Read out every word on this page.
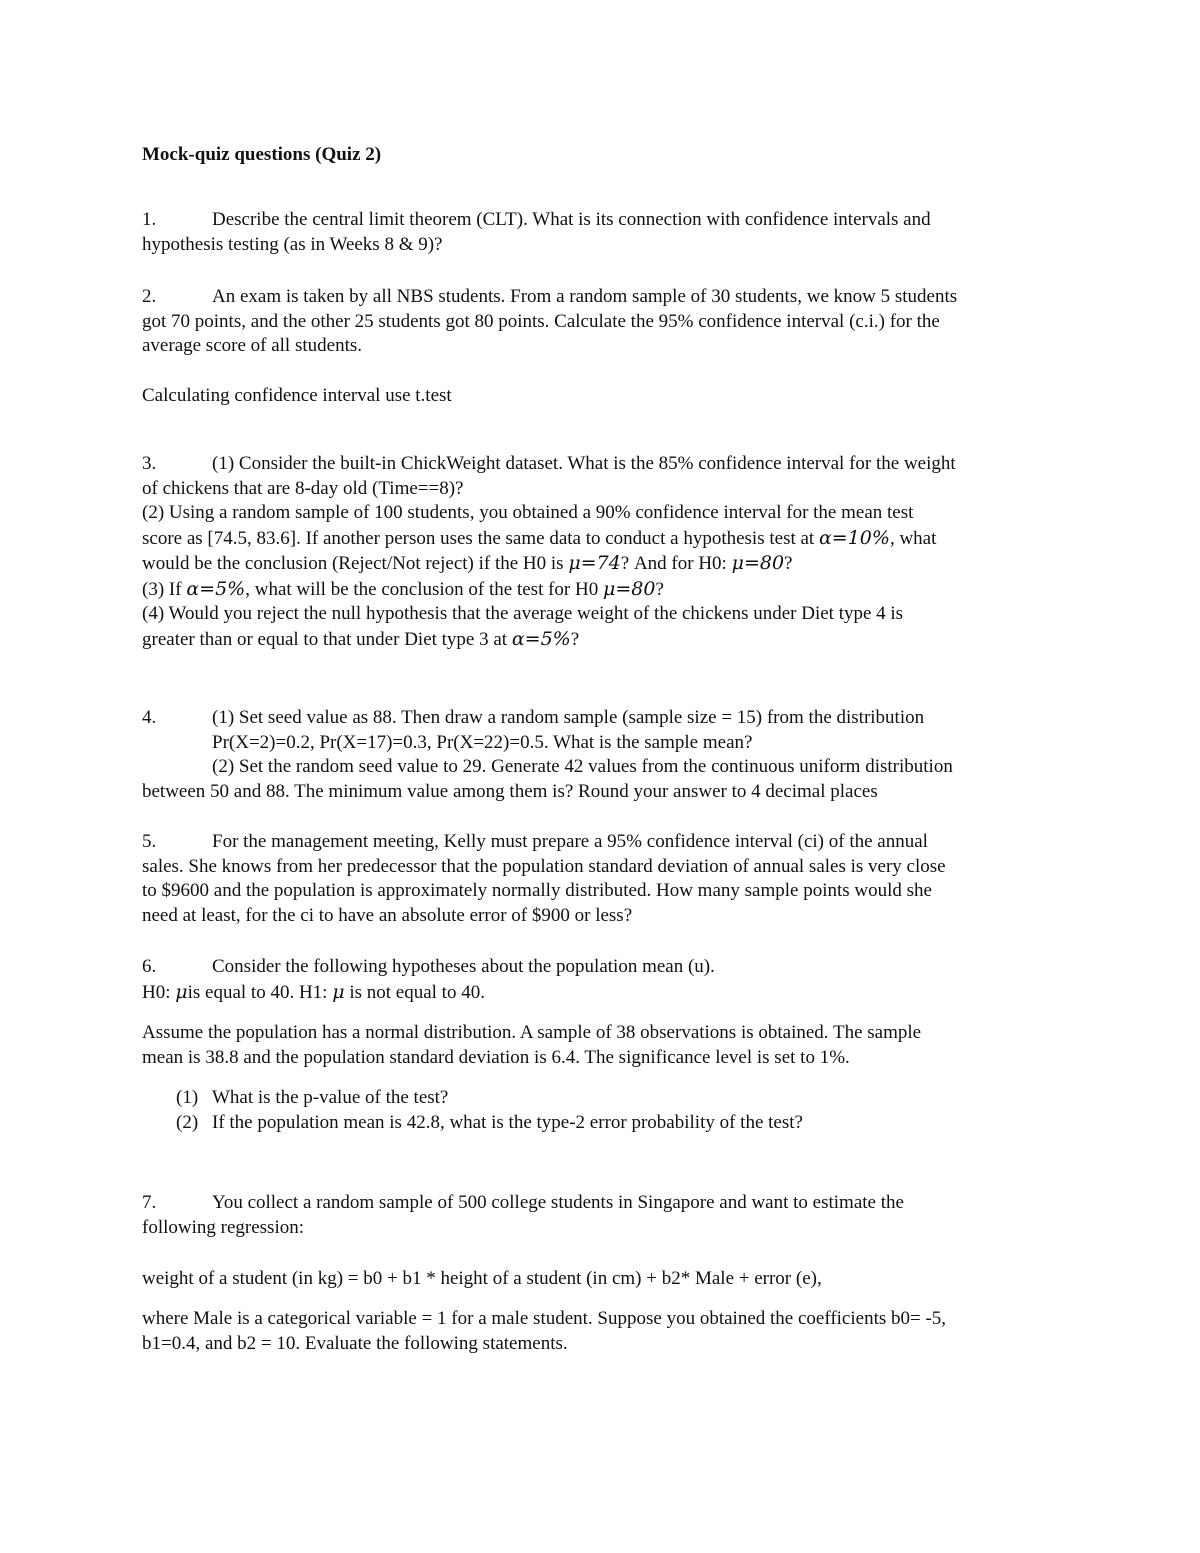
Mock-quiz questions (Quiz 2)
1.	Describe the central limit theorem (CLT). What is its connection with confidence intervals and
hypothesis testing (as in Weeks 8 & 9)?
2.	An exam is taken by all NBS students. From a random sample of 30 students, we know 5 students
got 70 points, and the other 25 students got 80 points. Calculate the 95% confidence interval (c.i.) for the
average score of all students.
Calculating confidence interval use t.test
3.	(1) Consider the built-in ChickWeight dataset. What is the 85% confidence interval for the weight
of chickens that are 8-day old (Time==8)?
(2) Using a random sample of 100 students, you obtained a 90% confidence interval for the mean test
score as [74.5, 83.6]. If another person uses the same data to conduct a hypothesis test at α=10%, what
would be the conclusion (Reject/Not reject) if the H0 is μ=74? And for H0: μ=80?
(3) If α=5%, what will be the conclusion of the test for H0 μ=80?
(4) Would you reject the null hypothesis that the average weight of the chickens under Diet type 4 is
greater than or equal to that under Diet type 3 at α=5%?
4.	(1) Set seed value as 88. Then draw a random sample (sample size = 15) from the distribution
Pr(X=2)=0.2, Pr(X=17)=0.3, Pr(X=22)=0.5. What is the sample mean?
(2) Set the random seed value to 29. Generate 42 values from the continuous uniform distribution
between 50 and 88. The minimum value among them is? Round your answer to 4 decimal places
5.	For the management meeting, Kelly must prepare a 95% confidence interval (ci) of the annual
sales. She knows from her predecessor that the population standard deviation of annual sales is very close
to $9600 and the population is approximately normally distributed. How many sample points would she
need at least, for the ci to have an absolute error of $900 or less?
6.	Consider the following hypotheses about the population mean (u).
H0: μis equal to 40. H1: μ is not equal to 40.
Assume the population has a normal distribution. A sample of 38 observations is obtained. The sample
mean is 38.8 and the population standard deviation is 6.4. The significance level is set to 1%.
(1) What is the p-value of the test?
(2) If the population mean is 42.8, what is the type-2 error probability of the test?
7.	You collect a random sample of 500 college students in Singapore and want to estimate the
following regression:
weight of a student (in kg) = b0 + b1 * height of a student (in cm) + b2* Male + error (e),
where Male is a categorical variable = 1 for a male student. Suppose you obtained the coefficients b0= -5,
b1=0.4, and b2 = 10. Evaluate the following statements.
